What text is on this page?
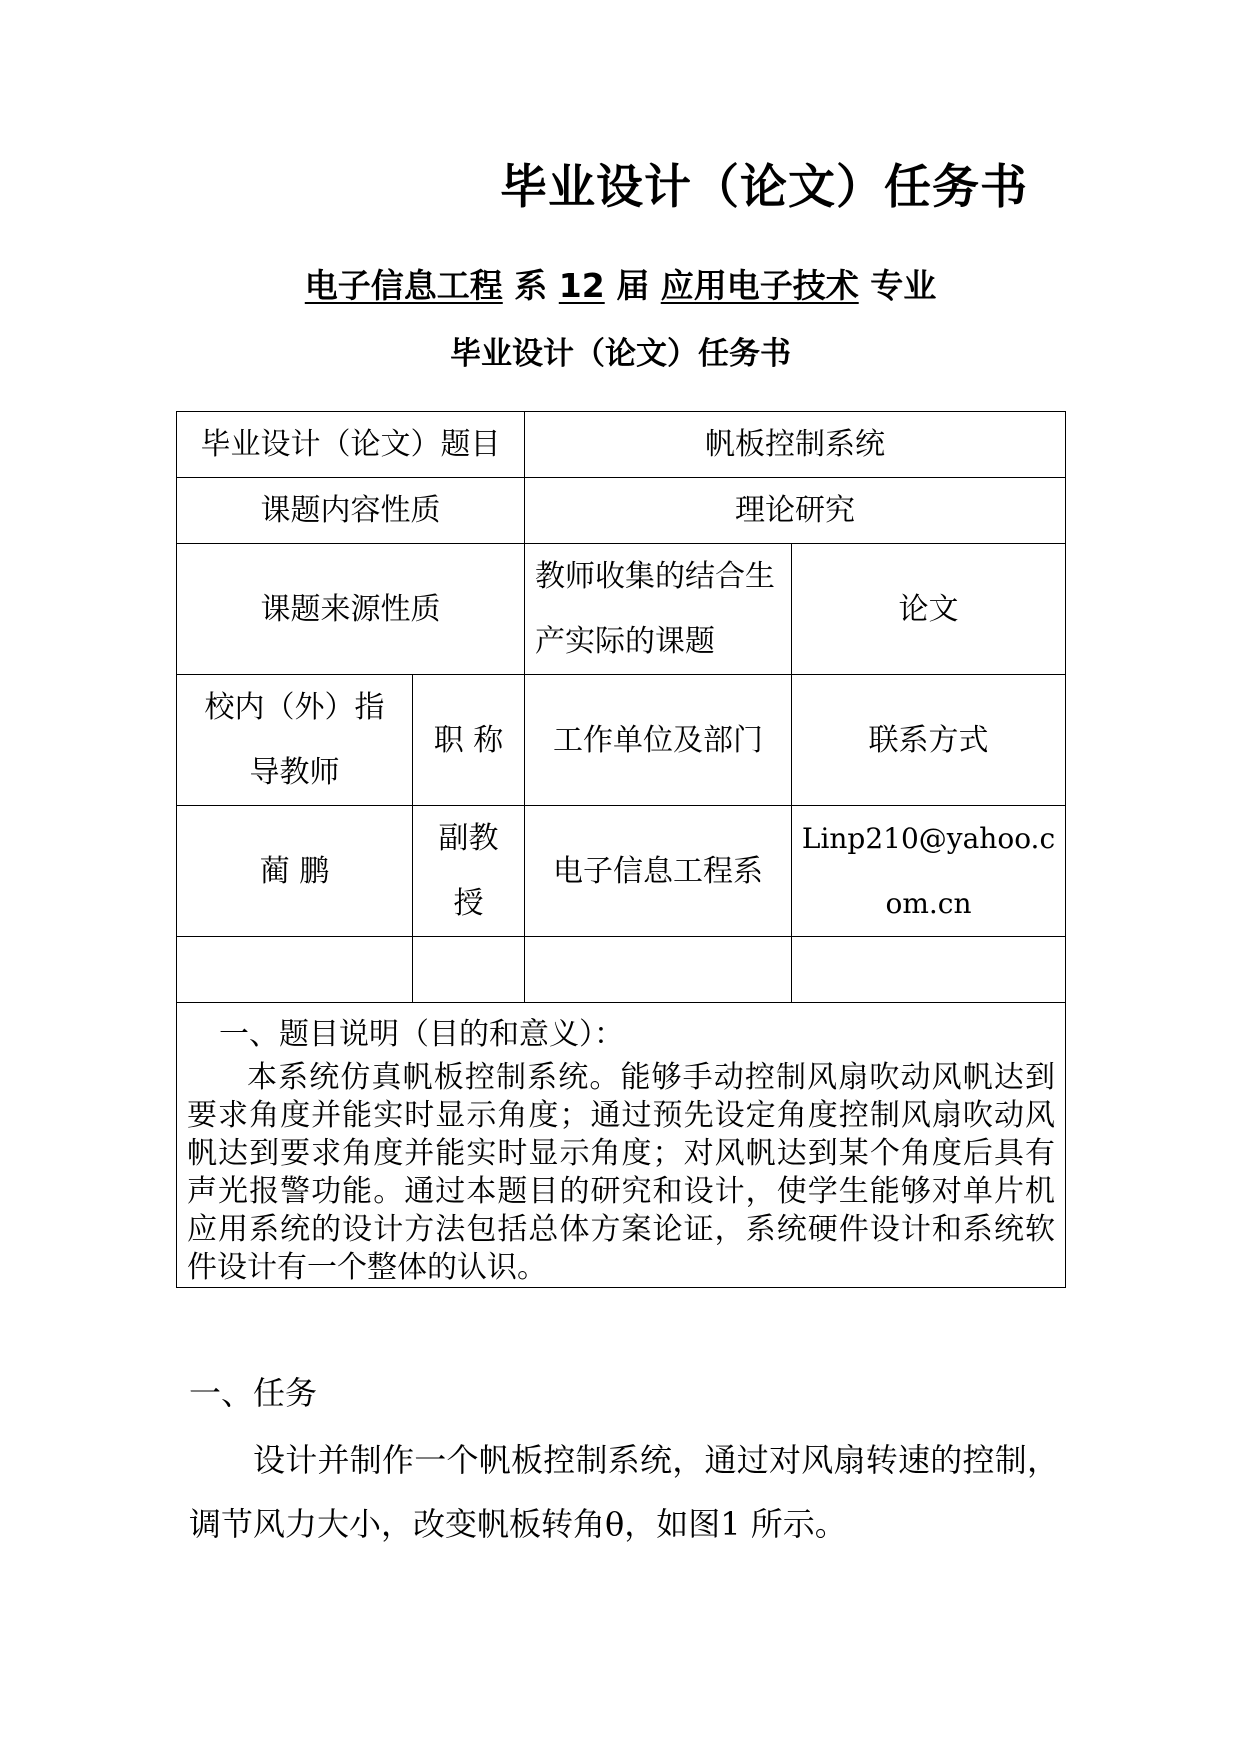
毕业设计（论文）任务书
电子信息工程 系 12 届 应用电子技术 专业
毕业设计（论文）任务书
毕业设计（论文）题目		帆板控制系统	
课题内容性质		理论研究	
课题来源性质		教师收集的结合生产实际的课题	论文
校内（外）指导教师	职 称	工作单位及部门	联系方式
蔺 鹏	副教授	电子信息工程系	Linp210@yahoo.com.cn

一、题目说明（目的和意义）：
本系统仿真帆板控制系统。能够手动控制风扇吹动风帆达到要求角度并能实时显示角度；通过预先设定角度控制风扇吹动风帆达到要求角度并能实时显示角度；对风帆达到某个角度后具有声光报警功能。通过本题目的研究和设计，使学生能够对单片机应用系统的设计方法包括总体方案论证，系统硬件设计和系统软件设计有一个整体的认识。			
一、任务
设计并制作一个帆板控制系统，通过对风扇转速的控制，调节风力大小，改变帆板转角θ，如图1 所示。
